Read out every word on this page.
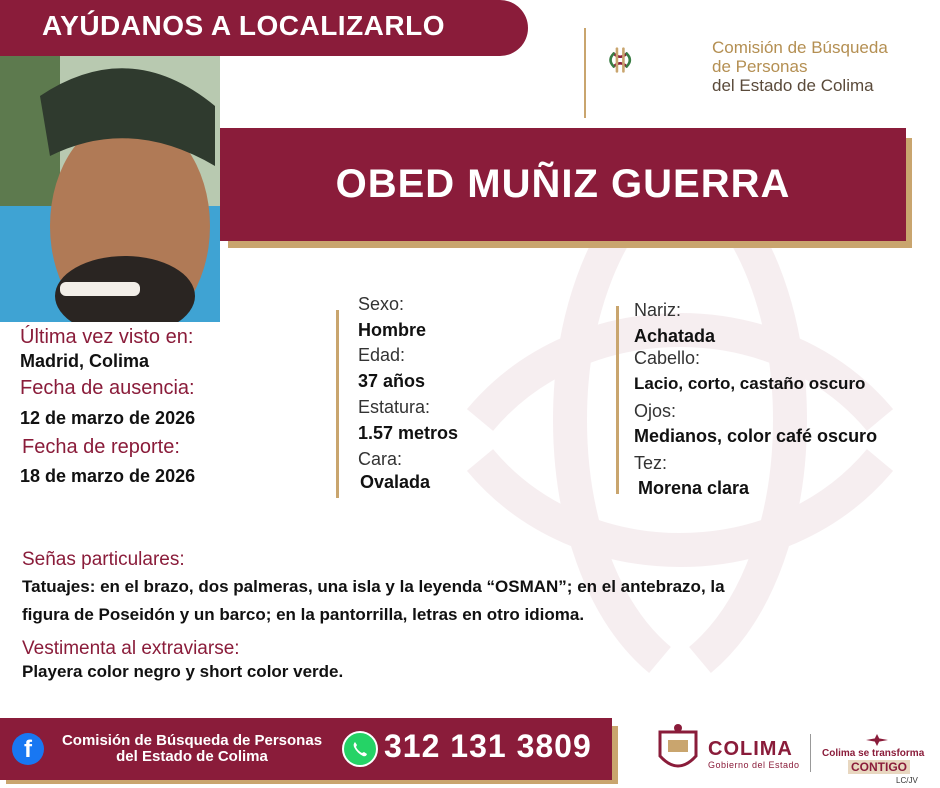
AYÚDANOS A LOCALIZARLO
Comisión de Búsqueda
de Personas
del Estado de Colima
OBED MUÑIZ GUERRA
Última vez visto en:
Madrid, Colima
Fecha de ausencia:
12 de marzo de 2026
Fecha de reporte:
18 de marzo de 2026
Sexo:
Hombre
Edad:
37 años
Estatura:
1.57 metros
Cara:
Ovalada
Nariz:
Achatada
Cabello:
Lacio, corto, castaño oscuro
Ojos:
Medianos, color café oscuro
Tez:
Morena clara
Señas particulares:
Tatuajes: en el brazo, dos palmeras, una isla y la leyenda “OSMAN”; en el antebrazo, la
figura de Poseidón y un barco; en la pantorrilla, letras en otro idioma.
Vestimenta al extraviarse:
Playera color negro y short color verde.
f	Comisión de Búsqueda de Personas
del Estado de Colima	312 131 3809	COLIMA
Gobierno del Estado
Colima se transforma
CONTIGO
LC/JV
